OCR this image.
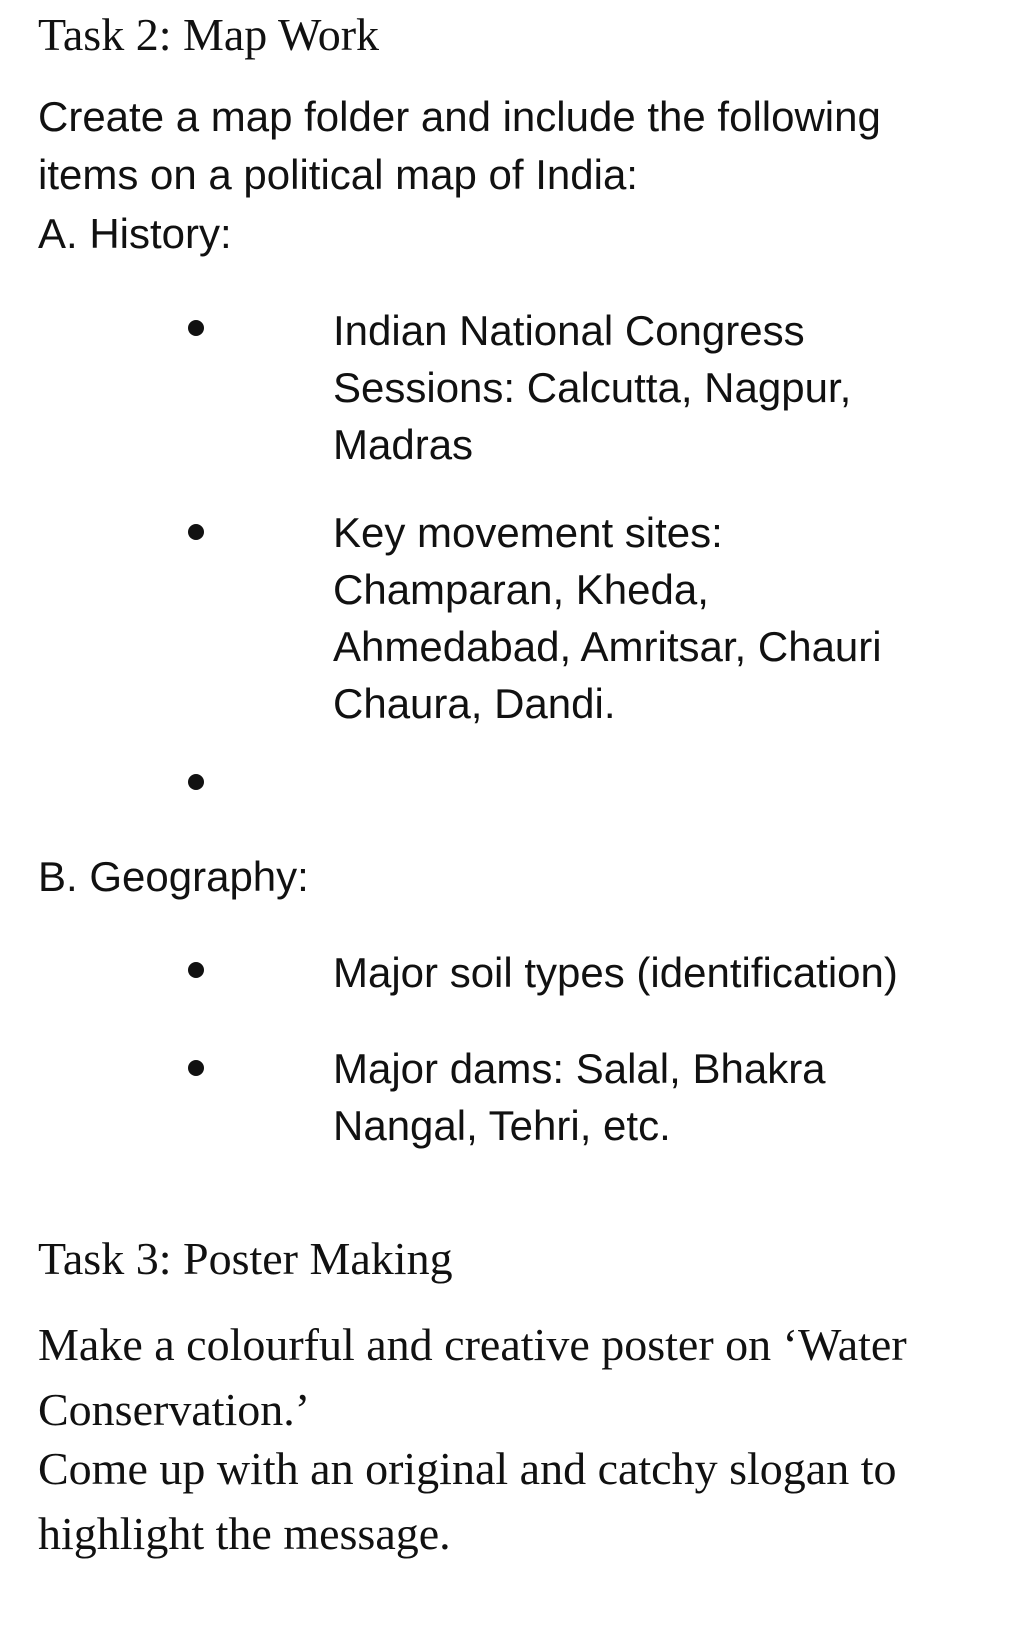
Task 2: Map Work

Create a map folder and include the following
items on a political map of India:

A. History:

Indian National Congress
Sessions: Calcutta, Nagpur,
Madras

Key movement sites:
Champaran, Kheda,
Ahmedabad, Amritsar, Chauri
Chaura, Dandi.

B. Geography:

Major soil types (identification)

Major dams: Salal, Bhakra
Nangal, Tehri, etc.

Task 3: Poster Making

Make a colourful and creative poster on ‘Water
Conservation.’

Come up with an original and catchy slogan to
highlight the message.
